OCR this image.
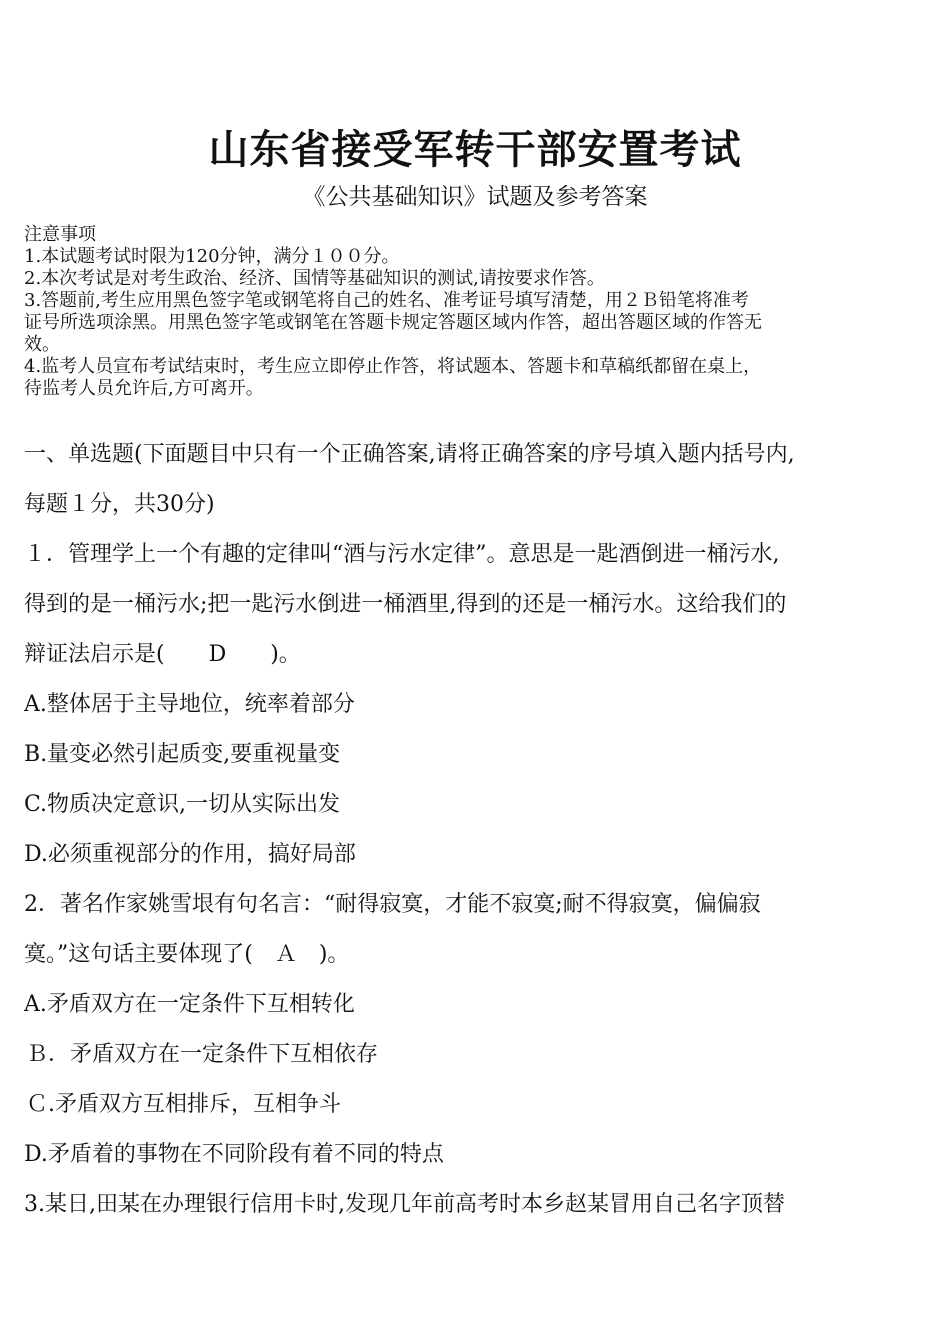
山东省接受军转干部安置考试
《公共基础知识》试题及参考答案
注意事项
1.本试题考试时限为120分钟，满分１００分。
2.本次考试是对考生政治、经济、国情等基础知识的测试,请按要求作答。
3.答题前,考生应用黑色签字笔或钢笔将自己的姓名、准考证号填写清楚，用２Ｂ铅笔将准考
证号所选项涂黑。用黑色签字笔或钢笔在答题卡规定答题区域内作答，超出答题区域的作答无
效。
4.监考人员宣布考试结束时，考生应立即停止作答，将试题本、答题卡和草稿纸都留在桌上，
待监考人员允许后,方可离开。
一、单选题(下面题目中只有一个正确答案,请将正确答案的序号填入题内括号内,
每题１分，共30分)
１．管理学上一个有趣的定律叫“酒与污水定律”。意思是一匙酒倒进一桶污水,
得到的是一桶污水;把一匙污水倒进一桶酒里,得到的还是一桶污水。这给我们的
辩证法启示是(　　D　　)。
A.整体居于主导地位，统率着部分
B.量变必然引起质变,要重视量变
C.物质决定意识,一切从实际出发
D.必须重视部分的作用，搞好局部
2．著名作家姚雪垠有句名言：“耐得寂寞，才能不寂寞;耐不得寂寞，偏偏寂
寞。”这句话主要体现了(　Ａ　)。
A.矛盾双方在一定条件下互相转化
Ｂ．矛盾双方在一定条件下互相依存
Ｃ.矛盾双方互相排斥，互相争斗
D.矛盾着的事物在不同阶段有着不同的特点
3.某日,田某在办理银行信用卡时,发现几年前高考时本乡赵某冒用自己名字顶替
